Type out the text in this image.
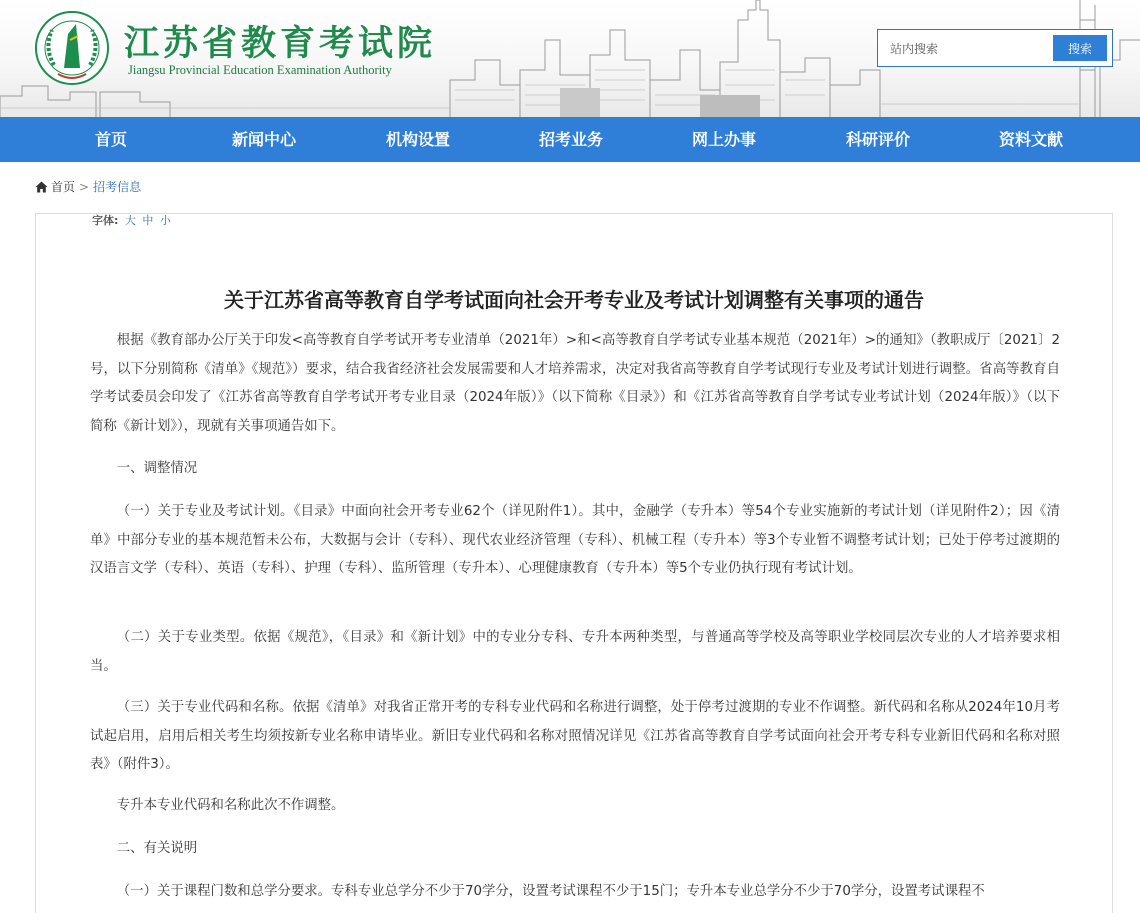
江苏省教育考试院
Jiangsu Provincial Education Examination Authority
站内搜索
搜索
首页	新闻中心	机构设置	招考业务	网上办事	科研评价	资料文献
首页 > 招考信息
字体: 大 中 小
关于江苏省高等教育自学考试面向社会开考专业及考试计划调整有关事项的通告

根据《教育部办公厅关于印发<高等教育自学考试开考专业清单（2021年）>和<高等教育自学考试专业基本规范（2021年）>的通知》（教职成厅〔2021〕2号，以下分别简称《清单》《规范》）要求，结合我省经济社会发展需要和人才培养需求，决定对我省高等教育自学考试现行专业及考试计划进行调整。省高等教育自学考试委员会印发了《江苏省高等教育自学考试开考专业目录（2024年版）》（以下简称《目录》）和《江苏省高等教育自学考试专业考试计划（2024年版）》（以下简称《新计划》），现就有关事项通告如下。

一、调整情况

（一）关于专业及考试计划。《目录》中面向社会开考专业62个（详见附件1）。其中，金融学（专升本）等54个专业实施新的考试计划（详见附件2）；因《清单》中部分专业的基本规范暂未公布，大数据与会计（专科）、现代农业经济管理（专科）、机械工程（专升本）等3个专业暂不调整考试计划；已处于停考过渡期的汉语言文学（专科）、英语（专科）、护理（专科）、监所管理（专升本）、心理健康教育（专升本）等5个专业仍执行现有考试计划。

（二）关于专业类型。依据《规范》，《目录》和《新计划》中的专业分专科、专升本两种类型，与普通高等学校及高等职业学校同层次专业的人才培养要求相当。

（三）关于专业代码和名称。依据《清单》对我省正常开考的专科专业代码和名称进行调整，处于停考过渡期的专业不作调整。新代码和名称从2024年10月考试起启用，启用后相关考生均须按新专业名称申请毕业。新旧专业代码和名称对照情况详见《江苏省高等教育自学考试面向社会开考专科专业新旧代码和名称对照表》（附件3）。

专升本专业代码和名称此次不作调整。

二、有关说明

（一）关于课程门数和总学分要求。专科专业总学分不少于70学分，设置考试课程不少于15门；专升本专业总学分不少于70学分，设置考试课程不
